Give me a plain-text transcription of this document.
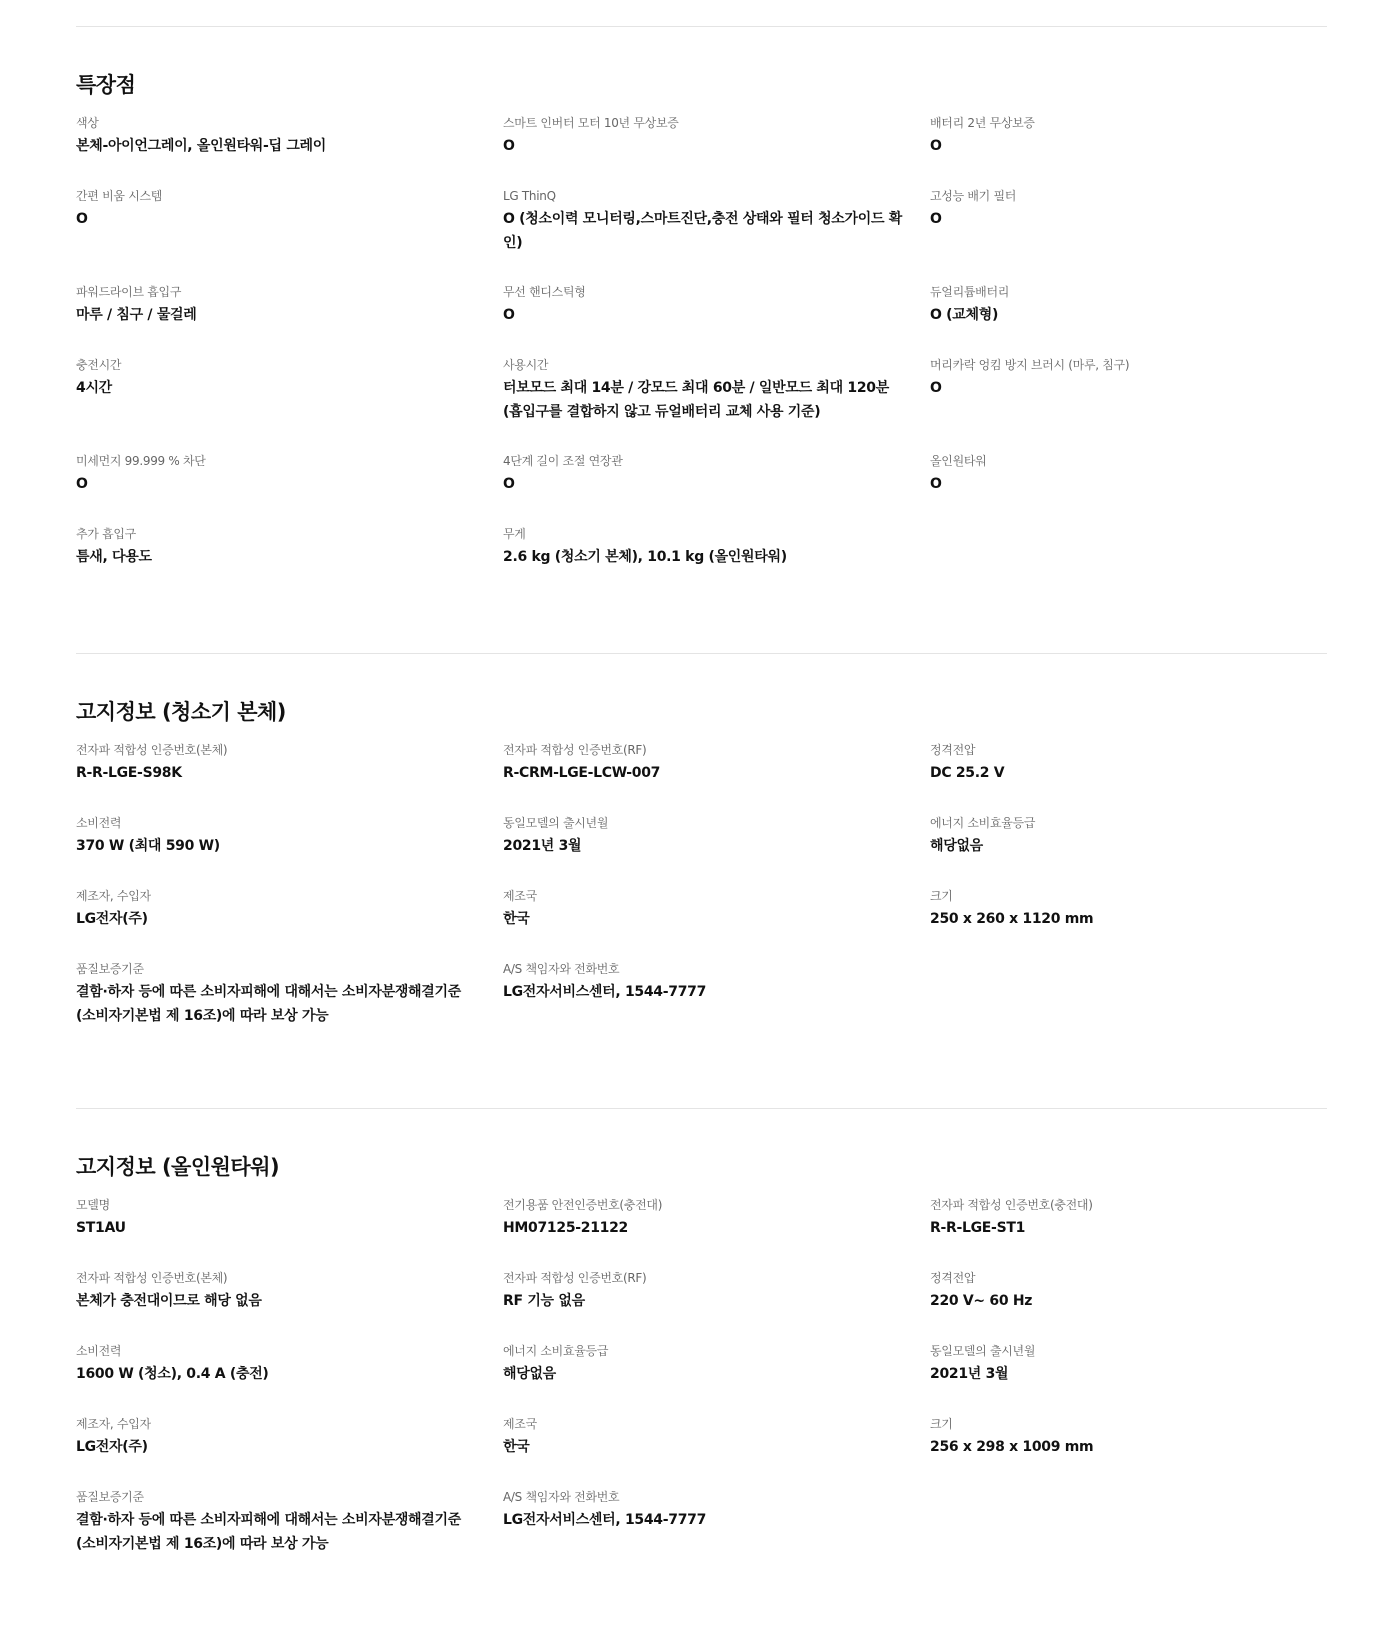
특장점
색상
본체-아이언그레이, 올인원타워-딥 그레이
스마트 인버터 모터 10년 무상보증
O
배터리 2년 무상보증
O
간편 비움 시스템
O
LG ThinQ
O (청소이력 모니터링,스마트진단,충전 상태와 필터 청소가이드 확인)
고성능 배기 필터
O
파워드라이브 흡입구
마루 / 침구 / 물걸레
무선 핸디스틱형
O
듀얼리튬배터리
O (교체형)
충전시간
4시간
사용시간
터보모드 최대 14분 / 강모드 최대 60분 / 일반모드 최대 120분 (흡입구를 결합하지 않고 듀얼배터리 교체 사용 기준)
머리카락 엉킴 방지 브러시 (마루, 침구)
O
미세먼지 99.999 % 차단
O
4단계 길이 조절 연장관
O
올인원타워
O
추가 흡입구
틈새, 다용도
무게
2.6 kg (청소기 본체), 10.1 kg (올인원타워)
고지정보 (청소기 본체)
전자파 적합성 인증번호(본체)
R-R-LGE-S98K
전자파 적합성 인증번호(RF)
R-CRM-LGE-LCW-007
정격전압
DC 25.2 V
소비전력
370 W (최대 590 W)
동일모델의 출시년월
2021년 3월
에너지 소비효율등급
해당없음
제조자, 수입자
LG전자(주)
제조국
한국
크기
250 x 260 x 1120 mm
품질보증기준
결함·하자 등에 따른 소비자피해에 대해서는 소비자분쟁해결기준 (소비자기본법 제 16조)에 따라 보상 가능
A/S 책임자와 전화번호
LG전자서비스센터, 1544-7777
고지정보 (올인원타워)
모델명
ST1AU
전기용품 안전인증번호(충전대)
HM07125-21122
전자파 적합성 인증번호(충전대)
R-R-LGE-ST1
전자파 적합성 인증번호(본체)
본체가 충전대이므로 해당 없음
전자파 적합성 인증번호(RF)
RF 기능 없음
정격전압
220 V~ 60 Hz
소비전력
1600 W (청소), 0.4 A (충전)
에너지 소비효율등급
해당없음
동일모델의 출시년월
2021년 3월
제조자, 수입자
LG전자(주)
제조국
한국
크기
256 x 298 x 1009 mm
품질보증기준
결함·하자 등에 따른 소비자피해에 대해서는 소비자분쟁해결기준 (소비자기본법 제 16조)에 따라 보상 가능
A/S 책임자와 전화번호
LG전자서비스센터, 1544-7777
